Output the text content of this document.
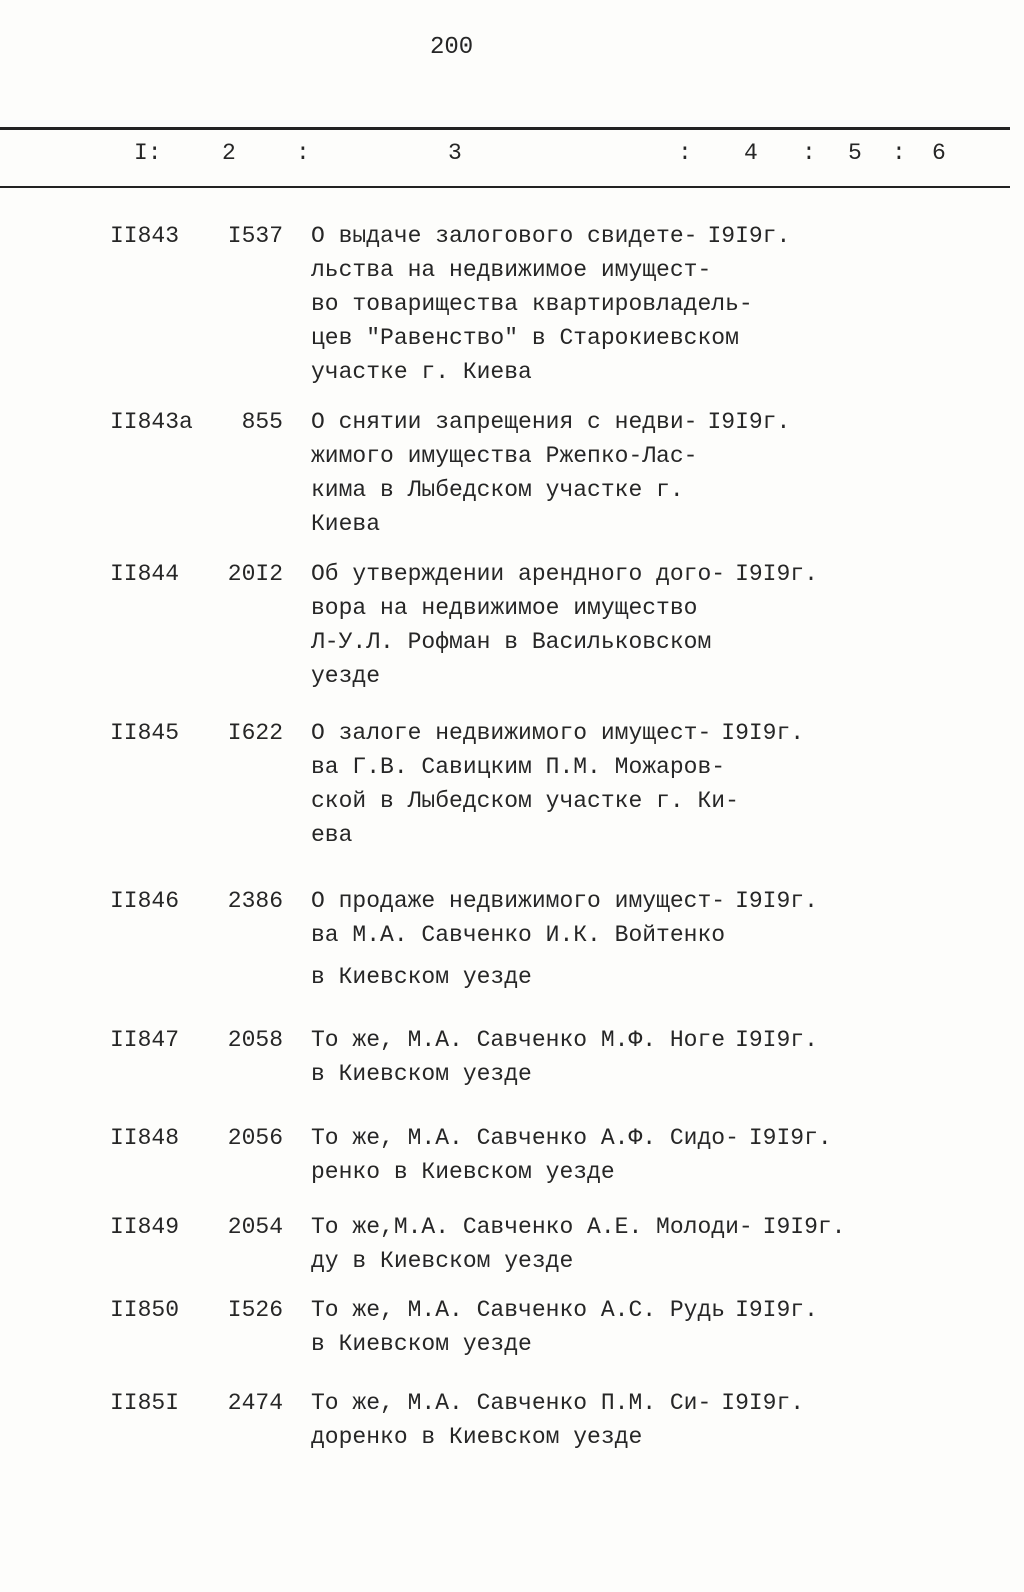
200
I:	2	:	3	: 4 : 5 : 6
II843	I537 О выдаче залогового свидете- I9I9г.
льства на недвижимое имущест-
во товарищества квартировладель-
цев "Равенство" в Старокиевском
участке г. Киева
II843а	855 О снятии запрещения с недви- I9I9г.
жимого имущества Ржепко-Лас-
кима в Лыбедском участке г.
Киева
II844	20I2 Об утверждении арендного дого- I9I9г.
вора на недвижимое имущество
Л-У.Л. Рофман в Васильковском
уезде
II845	I622 О залоге недвижимого имущест- I9I9г.
ва Г.В. Савицким П.М. Можаров-
ской в Лыбедском участке г. Ки-
ева
II846	2386 О продаже недвижимого имущест- I9I9г.
ва М.А. Савченко И.К. Войтенко
в Киевском уезде
II847	2058 То же, М.А. Савченко М.Ф. Ноге I9I9г.
в Киевском уезде
II848	2056 То же, М.А. Савченко А.Ф. Сидо- I9I9г.
ренко в Киевском уезде
II849	2054 То же,М.А. Савченко А.Е. Молоди- I9I9г.
ду в Киевском уезде
II850	I526 То же, М.А. Савченко А.С. Рудь I9I9г.
в Киевском уезде
II85I	2474 То же, М.А. Савченко П.М. Си- I9I9г.
доренко в Киевском уезде
